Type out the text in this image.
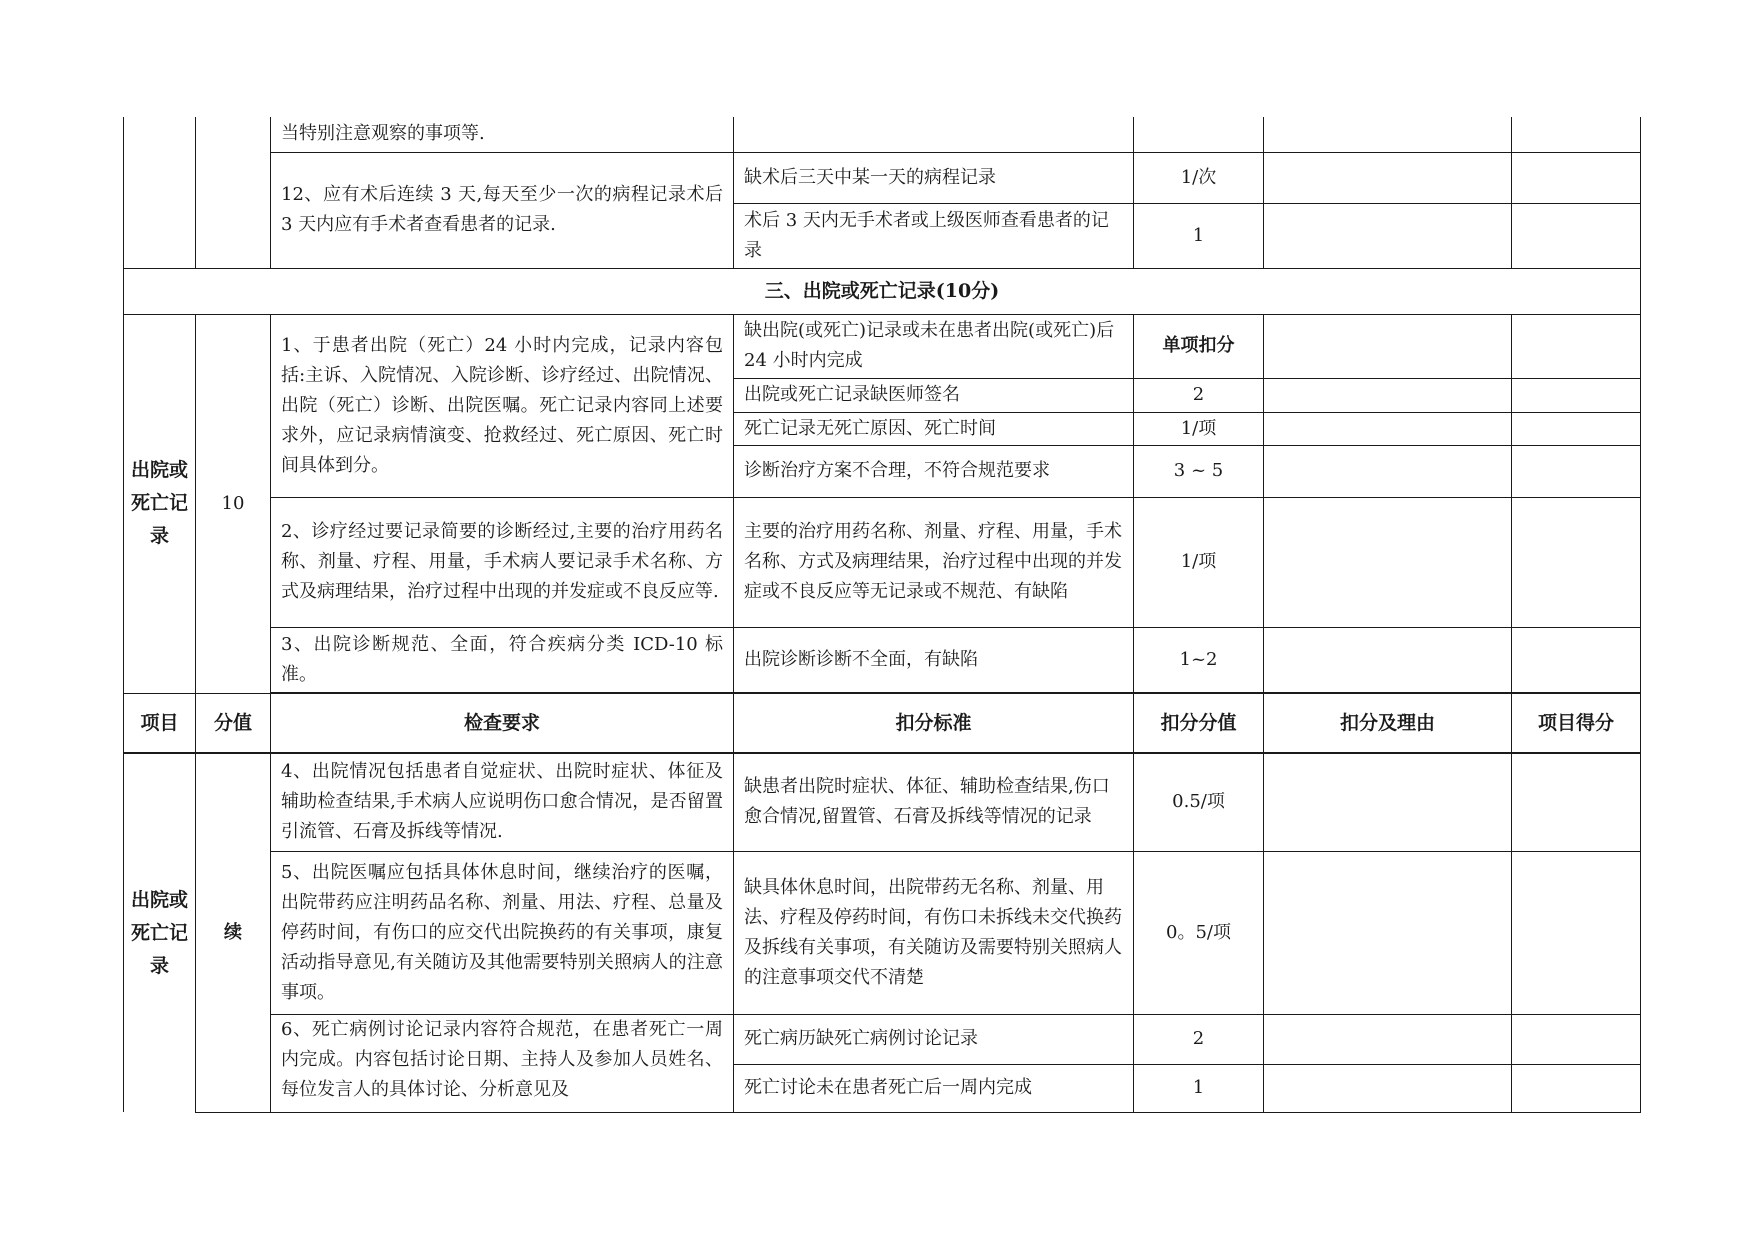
		当特别注意观察的事项等.				
		12、应有术后连续 3 天,每天至少一次的病程记录术后 3 天内应有手术者查看患者的记录.	缺术后三天中某一天的病程记录	1/次		
			术后 3 天内无手术者或上级医师查看患者的记录	1		
三、出院或死亡记录(10分)						
出院或死亡记录	10	1、于患者出院（死亡）24 小时内完成，记录内容包括:主诉、入院情况、入院诊断、诊疗经过、出院情况、出院（死亡）诊断、出院医嘱。死亡记录内容同上述要求外，应记录病情演变、抢救经过、死亡原因、死亡时间具体到分。	缺出院(或死亡)记录或未在患者出院(或死亡)后 24 小时内完成	单项扣分		
			出院或死亡记录缺医师签名	2		
			死亡记录无死亡原因、死亡时间	1/项		
			诊断治疗方案不合理，不符合规范要求	3 ~ 5		
		2、诊疗经过要记录简要的诊断经过,主要的治疗用药名称、剂量、疗程、用量，手术病人要记录手术名称、方式及病理结果，治疗过程中出现的并发症或不良反应等.	主要的治疗用药名称、剂量、疗程、用量，手术名称、方式及病理结果，治疗过程中出现的并发症或不良反应等无记录或不规范、有缺陷	1/项		
		3、出院诊断规范、全面，符合疾病分类 ICD-10 标准。	出院诊断诊断不全面，有缺陷	1~2		
项目	分值	检查要求	扣分标准	扣分分值	扣分及理由	项目得分
出院或死亡记录	续	4、出院情况包括患者自觉症状、出院时症状、体征及辅助检查结果,手术病人应说明伤口愈合情况，是否留置引流管、石膏及拆线等情况.	缺患者出院时症状、体征、辅助检查结果,伤口愈合情况,留置管、石膏及拆线等情况的记录	0.5/项		
		5、出院医嘱应包括具体休息时间，继续治疗的医嘱，出院带药应注明药品名称、剂量、用法、疗程、总量及停药时间，有伤口的应交代出院换药的有关事项，康复活动指导意见,有关随访及其他需要特别关照病人的注意事项。	缺具体休息时间，出院带药无名称、剂量、用法、疗程及停药时间，有伤口未拆线未交代换药及拆线有关事项，有关随访及需要特别关照病人的注意事项交代不清楚	0。5/项		
		6、死亡病例讨论记录内容符合规范，在患者死亡一周内完成。内容包括讨论日期、主持人及参加人员姓名、每位发言人的具体讨论、分析意见及	死亡病历缺死亡病例讨论记录	2		
			死亡讨论未在患者死亡后一周内完成	1		
